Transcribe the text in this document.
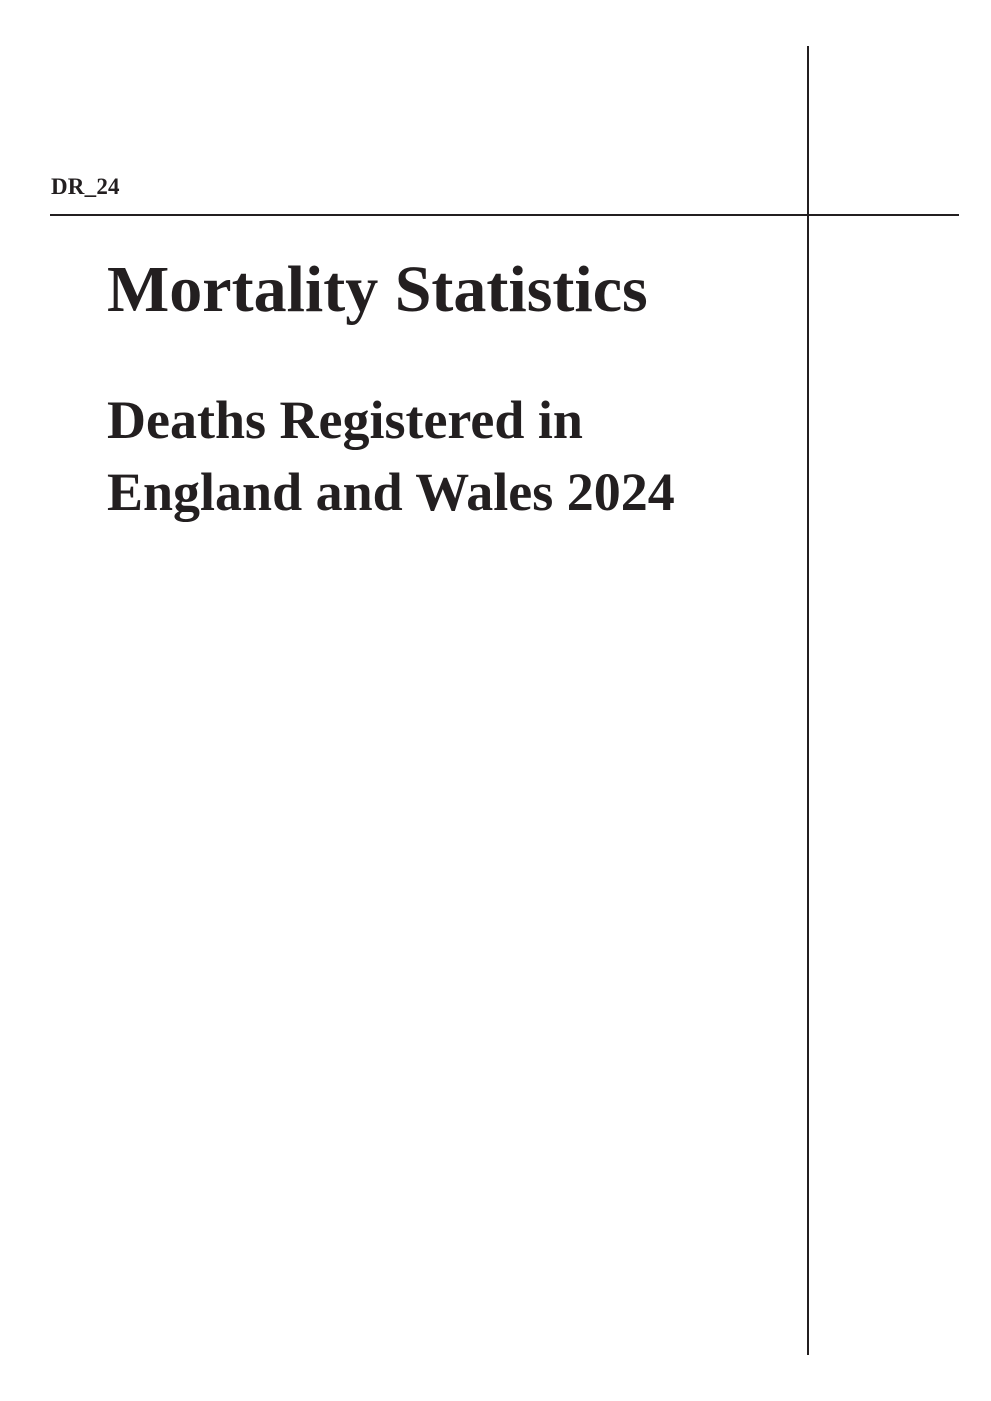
DR_24
Mortality Statistics
Deaths Registered in
England and Wales 2024
